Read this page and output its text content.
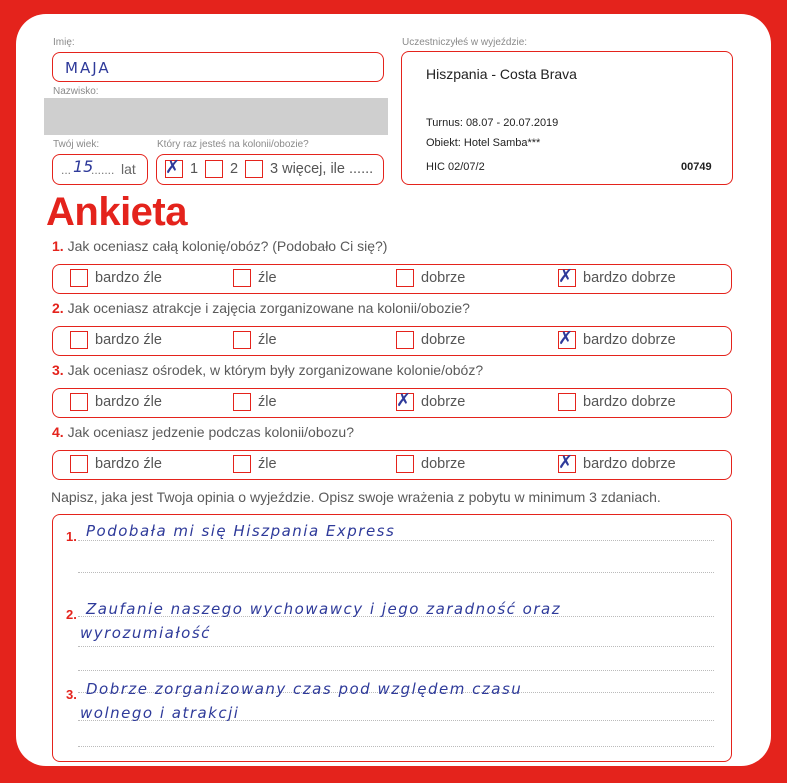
Imię:
MAJA
Nazwisko:
Twój wiek:
... 15
....... lat
Który raz jesteś na kolonii/obozie?
✗ 1 2 3 więcej, ile ......
Uczestniczyłeś w wyjeździe:
Hiszpania - Costa Brava
Turnus: 08.07 - 20.07.2019
Obiekt: Hotel Samba***
HIC 02/07/2	00749
Ankieta
1. Jak oceniasz całą kolonię/obóz? (Podobało Ci się?)
bardzo źle	źle	dobrze	✗ bardzo dobrze
2. Jak oceniasz atrakcje i zajęcia zorganizowane na kolonii/obozie?
bardzo źle	źle	dobrze	✗ bardzo dobrze
3. Jak oceniasz ośrodek, w którym były zorganizowane kolonie/obóz?
bardzo źle	źle	✗ dobrze	bardzo dobrze
4. Jak oceniasz jedzenie podczas kolonii/obozu?
bardzo źle	źle	dobrze	✗ bardzo dobrze
Napisz, jaka jest Twoja opinia o wyjeździe. Opisz swoje wrażenia z pobytu w minimum 3 zdaniach.
1. Podobała mi się Hiszpania Express
2. Zaufanie naszego wychowawcy i jego zaradność oraz
wyrozumiałość
3. Dobrze zorganizowany czas pod względem czasu
wolnego i atrakcji
